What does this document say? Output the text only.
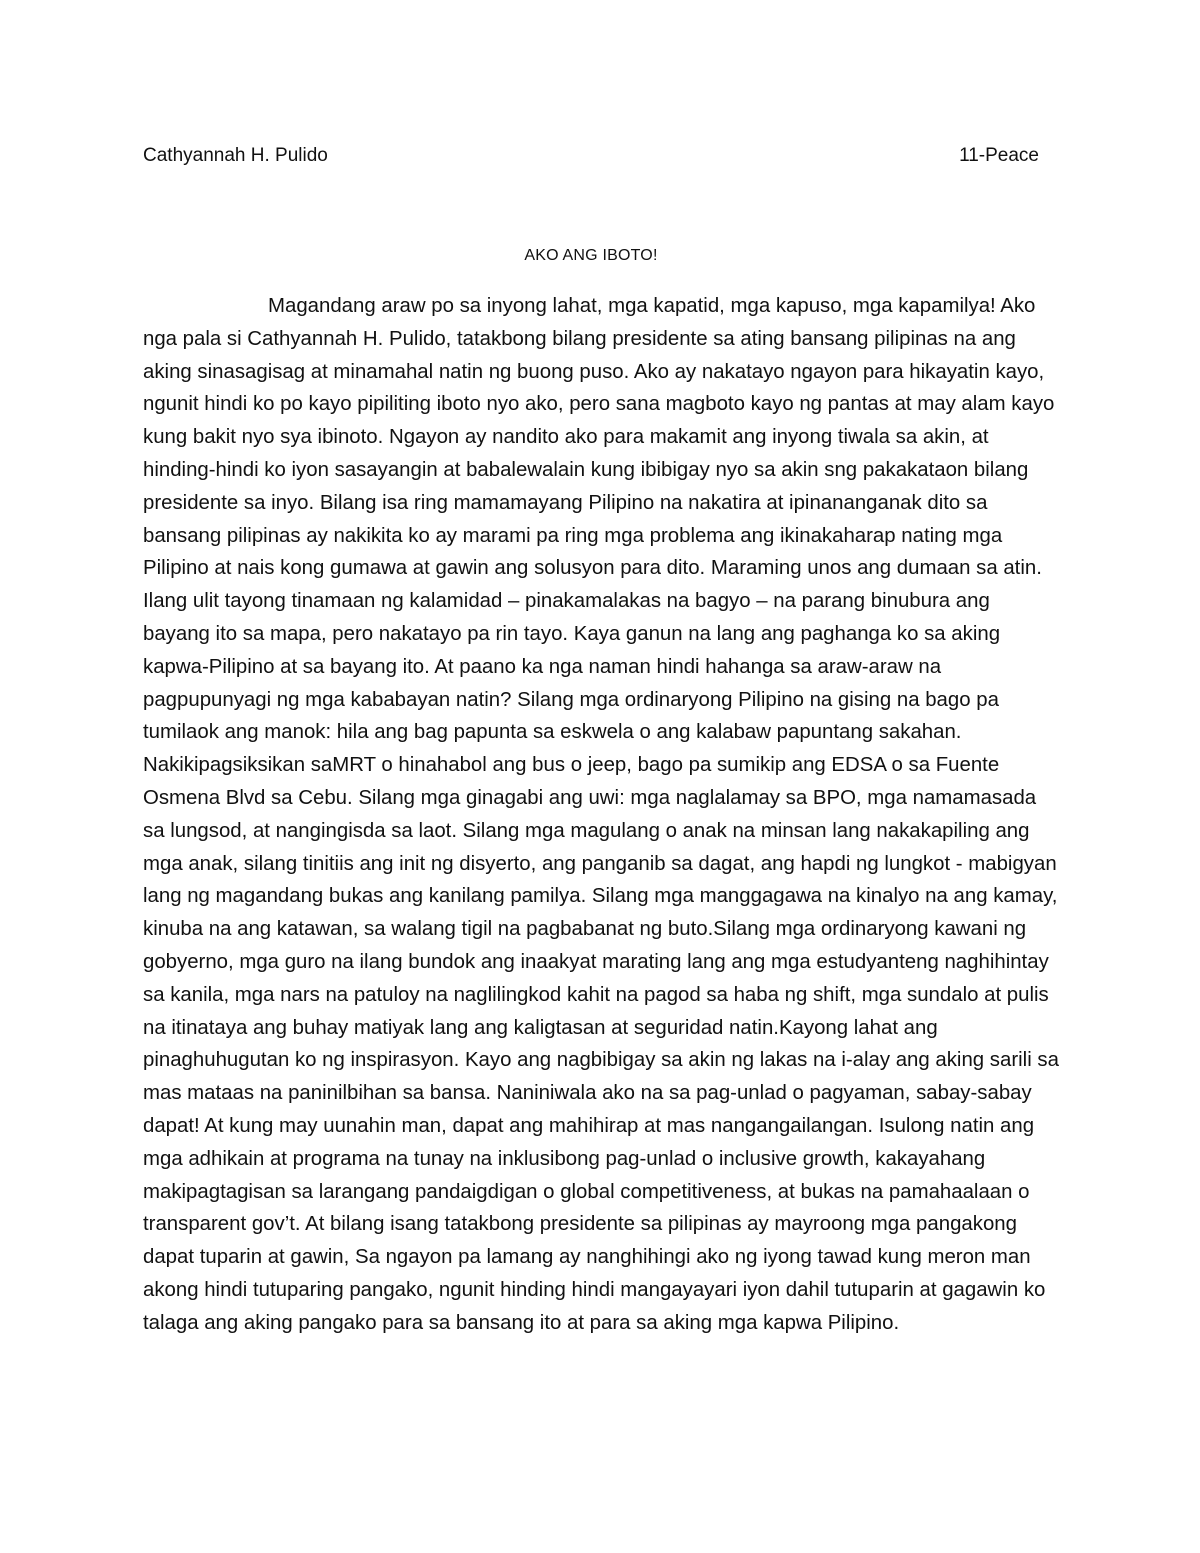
Cathyannah H. Pulido	11-Peace
AKO ANG IBOTO!

Magandang araw po sa inyong lahat, mga kapatid, mga kapuso, mga kapamilya! Ako nga pala si Cathyannah H. Pulido, tatakbong bilang presidente sa ating bansang pilipinas na ang aking sinasagisag at minamahal natin ng buong puso. Ako ay nakatayo ngayon para hikayatin kayo, ngunit hindi ko po kayo pipiliting iboto nyo ako, pero sana magboto kayo ng pantas at may alam kayo kung bakit nyo sya ibinoto. Ngayon ay nandito ako para makamit ang inyong tiwala sa akin, at hinding-hindi ko iyon sasayangin at babalewalain kung ibibigay nyo sa akin sng pakakataon bilang presidente sa inyo. Bilang isa ring mamamayang Pilipino na nakatira at ipinananganak dito sa bansang pilipinas ay nakikita ko ay marami pa ring mga problema ang ikinakaharap nating mga Pilipino at nais kong gumawa at gawin ang solusyon para dito. Maraming unos ang dumaan sa atin. Ilang ulit tayong tinamaan ng kalamidad – pinakamalakas na bagyo – na parang binubura ang bayang ito sa mapa, pero nakatayo pa rin tayo. Kaya ganun na lang ang paghanga ko sa aking kapwa-Pilipino at sa bayang ito. At paano ka nga naman hindi hahanga sa araw-araw na pagpupunyagi ng mga kababayan natin? Silang mga ordinaryong Pilipino na gising na bago pa tumilaok ang manok: hila ang bag papunta sa eskwela o ang kalabaw papuntang sakahan. Nakikipagsiksikan saMRT o hinahabol ang bus o jeep, bago pa sumikip ang EDSA o sa Fuente Osmena Blvd sa Cebu. Silang mga ginagabi ang uwi: mga naglalamay sa BPO, mga namamasada sa lungsod, at nangingisda sa laot. Silang mga magulang o anak na minsan lang nakakapiling ang mga anak, silang tinitiis ang init ng disyerto, ang panganib sa dagat, ang hapdi ng lungkot - mabigyan lang ng magandang bukas ang kanilang pamilya. Silang mga manggagawa na kinalyo na ang kamay, kinuba na ang katawan, sa walang tigil na pagbabanat ng buto.Silang mga ordinaryong kawani ng gobyerno, mga guro na ilang bundok ang inaakyat marating lang ang mga estudyanteng naghihintay sa kanila, mga nars na patuloy na naglilingkod kahit na pagod sa haba ng shift, mga sundalo at pulis na itinataya ang buhay matiyak lang ang kaligtasan at seguridad natin.Kayong lahat ang pinaghuhugutan ko ng inspirasyon. Kayo ang nagbibigay sa akin ng lakas na i-alay ang aking sarili sa mas mataas na paninilbihan sa bansa. Naniniwala ako na sa pag-unlad o pagyaman, sabay-sabay dapat! At kung may uunahin man, dapat ang mahihirap at mas nangangailangan. Isulong natin ang mga adhikain at programa na tunay na inklusibong pag-unlad o inclusive growth, kakayahang makipagtagisan sa larangang pandaigdigan o global competitiveness, at bukas na pamahaalaan o transparent gov’t. At bilang isang tatakbong presidente sa pilipinas ay mayroong mga pangakong dapat tuparin at gawin, Sa ngayon pa lamang ay nanghihingi ako ng iyong tawad kung meron man akong hindi tutuparing pangako, ngunit hinding hindi mangayayari iyon dahil tutuparin at gagawin ko talaga ang aking pangako para sa bansang ito at para sa aking mga kapwa Pilipino.
